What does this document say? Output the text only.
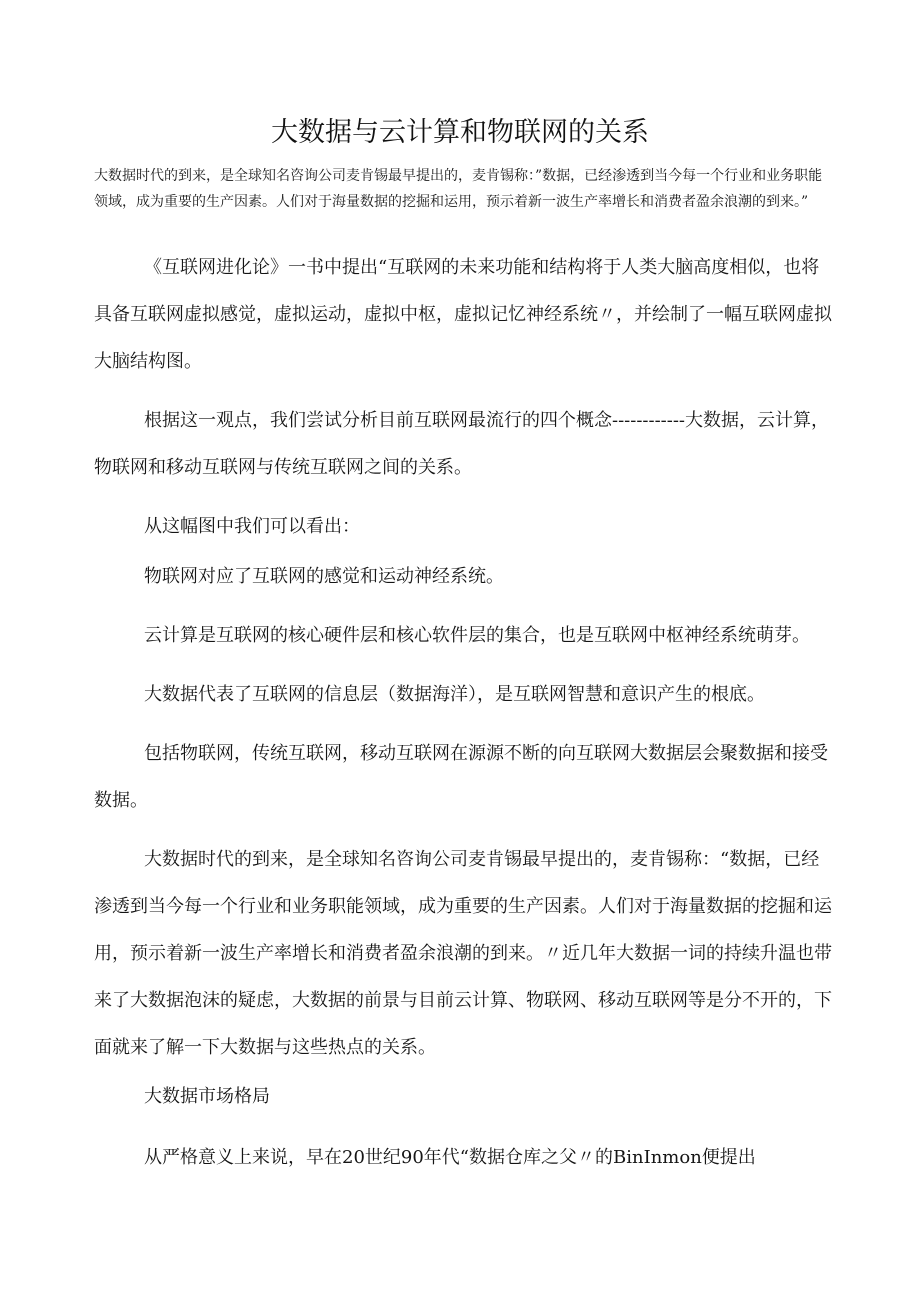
大数据与云计算和物联网的关系

大数据时代的到来，是全球知名咨询公司麦肯锡最早提出的，麦肯锡称：”数据，已经渗透到当今每一个行业和业务职能领域，成为重要的生产因素。人们对于海量数据的挖掘和运用，预示着新一波生产率增长和消费者盈余浪潮的到来。”

《互联网进化论》一书中提出“互联网的未来功能和结构将于人类大脑高度相似，也将具备互联网虚拟感觉，虚拟运动，虚拟中枢，虚拟记忆神经系统〃，并绘制了一幅互联网虚拟大脑结构图。

根据这一观点，我们尝试分析目前互联网最流行的四个概念------------大数据，云计算，物联网和移动互联网与传统互联网之间的关系。

从这幅图中我们可以看出：

物联网对应了互联网的感觉和运动神经系统。

云计算是互联网的核心硬件层和核心软件层的集合，也是互联网中枢神经系统萌芽。

大数据代表了互联网的信息层（数据海洋），是互联网智慧和意识产生的根底。

包括物联网，传统互联网，移动互联网在源源不断的向互联网大数据层会聚数据和接受数据。

大数据时代的到来，是全球知名咨询公司麦肯锡最早提出的，麦肯锡称：“数据，已经渗透到当今每一个行业和业务职能领域，成为重要的生产因素。人们对于海量数据的挖掘和运用，预示着新一波生产率增长和消费者盈余浪潮的到来。〃近几年大数据一词的持续升温也带来了大数据泡沫的疑虑，大数据的前景与目前云计算、物联网、移动互联网等是分不开的，下面就来了解一下大数据与这些热点的关系。

大数据市场格局

从严格意义上来说，早在20世纪90年代“数据仓库之父〃的BinInmon便提出
